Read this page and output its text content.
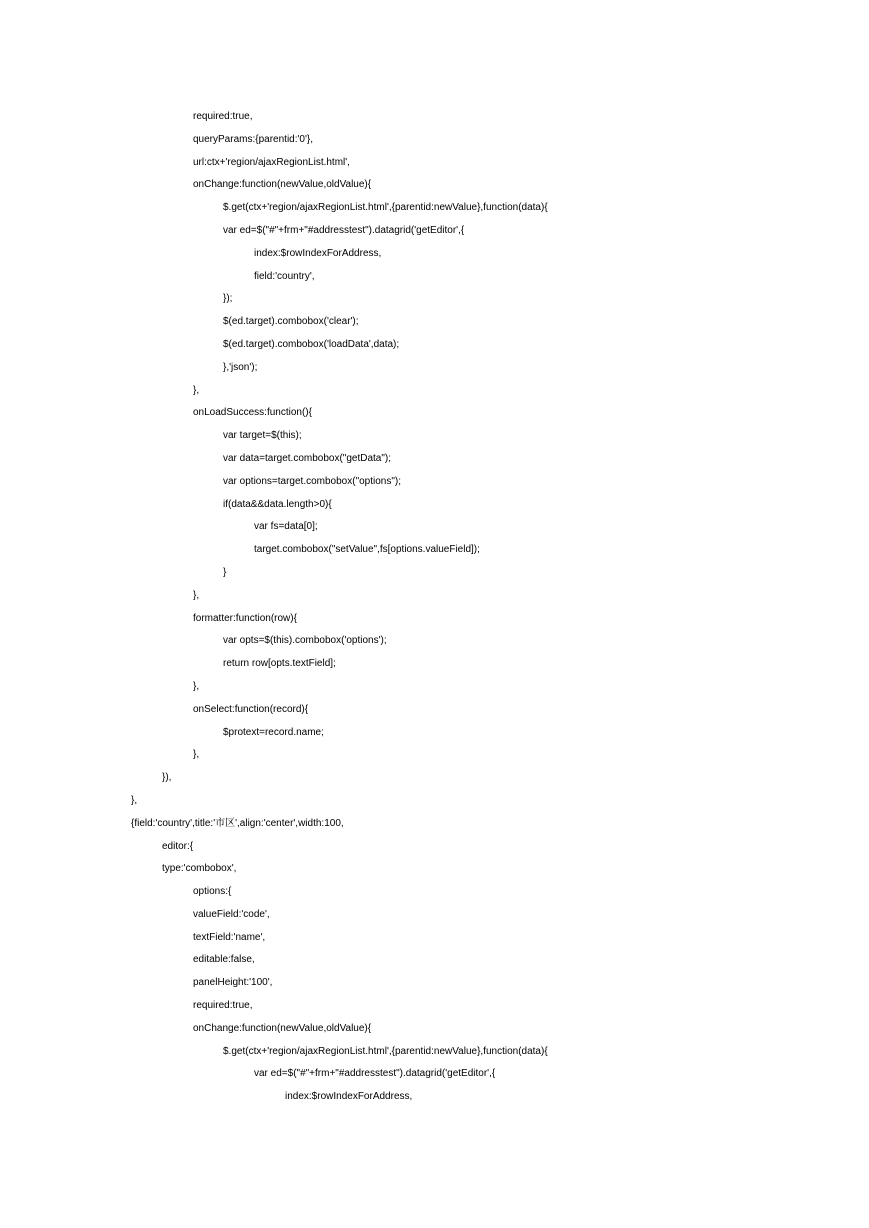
required:true,
queryParams:{parentid:'0'},
url:ctx+'region/ajaxRegionList.html',
onChange:function(newValue,oldValue){
$.get(ctx+'region/ajaxRegionList.html',{parentid:newValue},function(data){
var ed=$("#"+frm+"#addresstest").datagrid('getEditor',{
index:$rowIndexForAddress,
field:'country',
});
$(ed.target).combobox('clear');
$(ed.target).combobox('loadData',data);
},'json');
},
onLoadSuccess:function(){
var target=$(this);
var data=target.combobox("getData");
var options=target.combobox("options");
if(data&&data.length>0){
var fs=data[0];
target.combobox("setValue",fs[options.valueField]);
}
},
formatter:function(row){
var opts=$(this).combobox('options');
return row[opts.textField];
},
onSelect:function(record){
$protext=record.name;
},
}),
},
{field:'country',title:'市区',align:'center',width:100,
editor:{
type:'combobox',
options:{
valueField:'code',
textField:'name',
editable:false,
panelHeight:'100',
required:true,
onChange:function(newValue,oldValue){
$.get(ctx+'region/ajaxRegionList.html',{parentid:newValue},function(data){
var ed=$("#"+frm+"#addresstest").datagrid('getEditor',{
index:$rowIndexForAddress,
